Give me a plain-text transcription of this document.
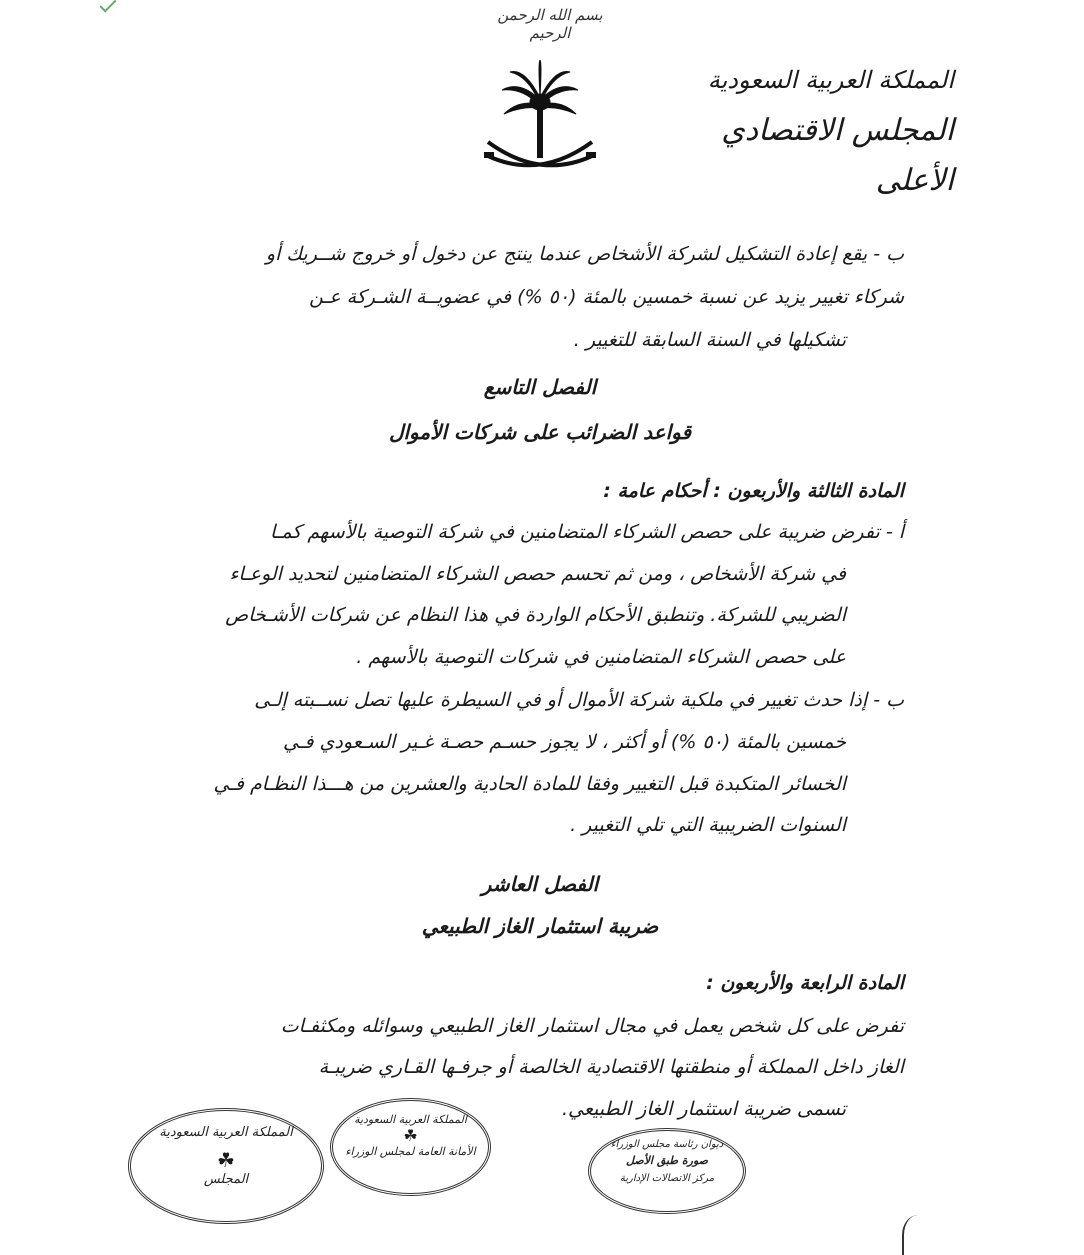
بسم الله الرحمن الرحيم
المملكة العربية السعودية
المجلس الاقتصادي الأعلى
ب - يقع إعادة التشكيل لشركة الأشخاص عندما ينتج عن دخول أو خروج شــريك أو
شركاء تغيير يزيد عن نسبة خمسين بالمئة (٥٠ %) في عضويــة الشـركة عـن
تشكيلها في السنة السابقة للتغيير .
الفصل التاسع
قواعد الضرائب على شركات الأموال
المادة الثالثة والأربعون : أحكام عامة :
أ - تفرض ضريبة على حصص الشركاء المتضامنين في شركة التوصية بالأسهم كمـا
في شركة الأشخاص ، ومن ثم تحسم حصص الشركاء المتضامنين لتحديد الوعـاء
الضريبي للشركة. وتنطبق الأحكام الواردة في هذا النظام عن شركات الأشـخاص
على حصص الشركاء المتضامنين في شركات التوصية بالأسهم .
ب - إذا حدث تغيير في ملكية شركة الأموال أو في السيطرة عليها تصل نســبته إلـى
خمسين بالمئة (٥٠ %) أو أكثر ، لا يجوز حسـم حصـة غـير السـعودي فـي
الخسائر المتكبدة قبل التغيير وفقا للمادة الحادية والعشرين من هـــذا النظـام فـي
السنوات الضريبية التي تلي التغيير .
الفصل العاشر
ضريبة استثمار الغاز الطبيعي
المادة الرابعة والأربعون :
تفرض على كل شخص يعمل في مجال استثمار الغاز الطبيعي وسوائله ومكثفـات
الغاز داخل المملكة أو منطقتها الاقتصادية الخالصة أو جرفـها القـاري ضريبـة
تسمى ضريبة استثمار الغاز الطبيعي.
المملكة العربية السعودية
☘
المجلس
المملكة العربية السعودية
☘
الأمانة العامة لمجلس الوزراء
ديوان رئاسة مجلس الوزراء
صورة طبق الأصل
مركز الاتصالات الإدارية
